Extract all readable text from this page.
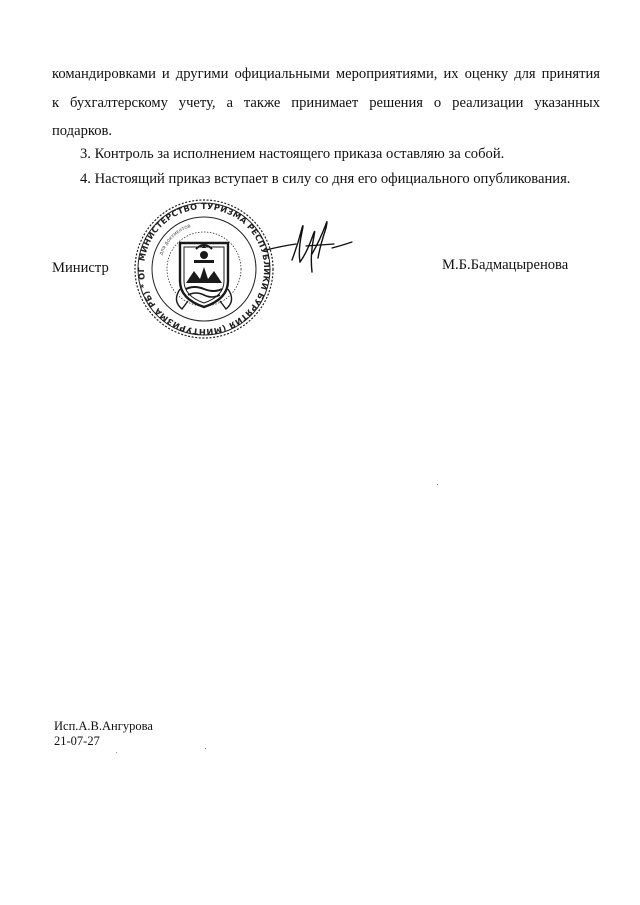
командировками и другими официальными мероприятиями, их оценку для принятия
к бухгалтерскому учету, а также принимает решения о реализации указанных
подарков.
3. Контроль за исполнением настоящего приказа оставляю за собой.
4. Настоящий приказ вступает в силу со дня его официального опубликования.
Министр	М.Б.Бадмацыренова
МИНИСТЕРСТВО ТУРИЗМА РЕСПУБЛИКИ БУРЯТИЯ (МИНТУРИЗМА РБ) * ОГ
ДЛЯ ДОКУМЕНТОВ
Исп.А.В.Ангурова
21-07-27
